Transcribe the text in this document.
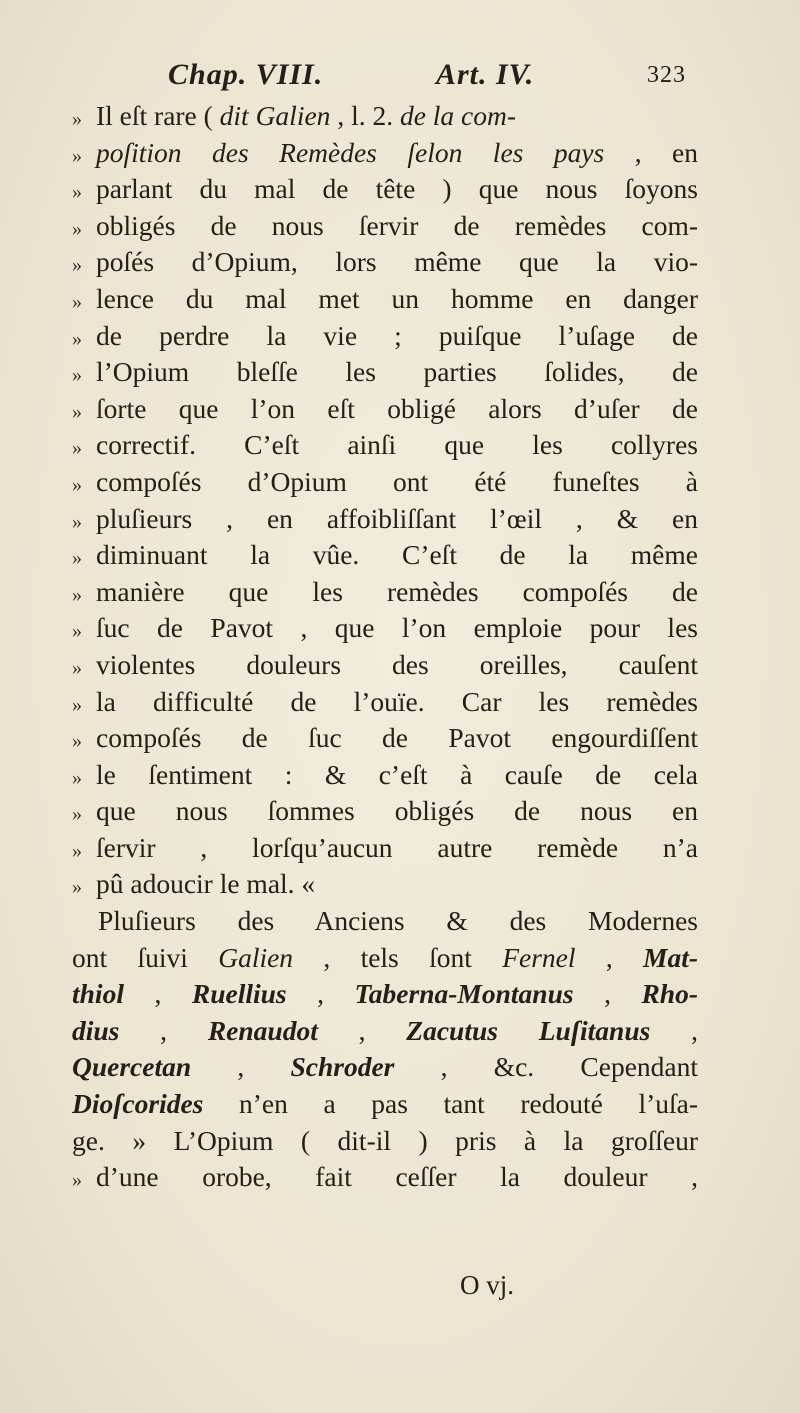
Chap. VIII.	Art. IV.	323
» Il eſt rare ( dit Galien , l. 2. de la com-
» poſition des Remèdes ſelon les pays , en
» parlant du mal de tête ) que nous ſoyons
» obligés de nous ſervir de remèdes com-
» poſés d’Opium, lors même que la vio-
» lence du mal met un homme en danger
» de perdre la vie ; puiſque l’uſage de
» l’Opium bleſſe les parties ſolides, de
» ſorte que l’on eſt obligé alors d’uſer de
» correctif. C’eſt ainſi que les collyres
» compoſés d’Opium ont été funeſtes à
» pluſieurs , en affoibliſſant l’œil , & en
» diminuant la vûe. C’eſt de la même
» manière que les remèdes compoſés de
» ſuc de Pavot , que l’on emploie pour les
» violentes douleurs des oreilles, cauſent
» la difficulté de l’ouïe. Car les remèdes
» compoſés de ſuc de Pavot engourdiſſent
» le ſentiment : & c’eſt à cauſe de cela
» que nous ſommes obligés de nous en
» ſervir , lorſqu’aucun autre remède n’a
» pû adoucir le mal. «
Pluſieurs des Anciens & des Modernes
ont ſuivi Galien , tels ſont Fernel , Mat-
thiol , Ruellius , Taberna-Montanus , Rho-
dius , Renaudot , Zacutus Luſitanus ,
Quercetan , Schroder , &c. Cependant
Dioſcorides n’en a pas tant redouté l’uſa-
ge. » L’Opium ( dit-il ) pris à la groſſeur
» d’une orobe, fait ceſſer la douleur ,
O vj.
